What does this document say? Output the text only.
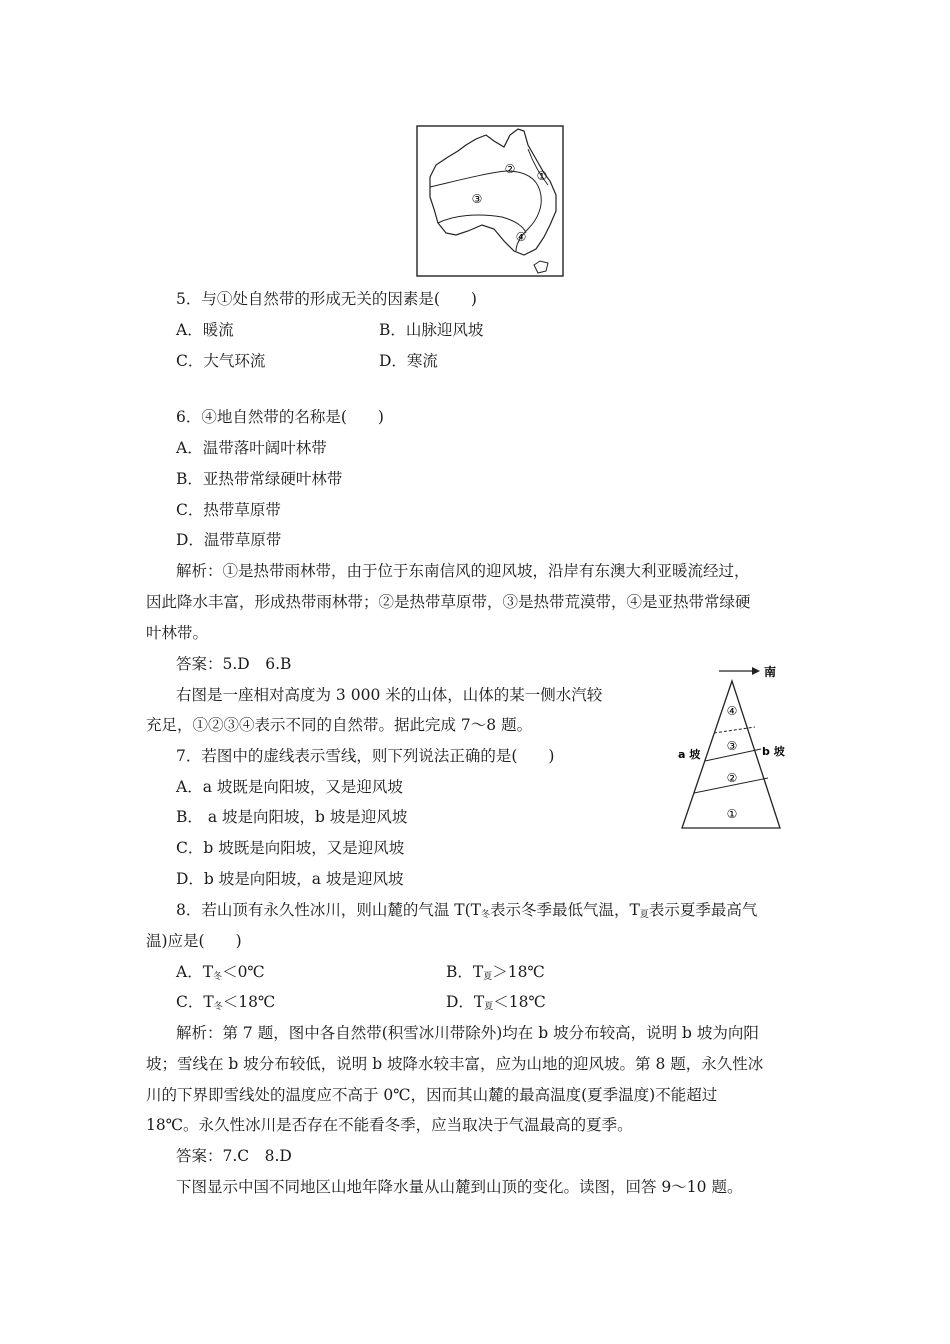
② ①
③
④
5．与①处自然带的形成无关的因素是(　　)
A．暖流	B．山脉迎风坡
C．大气环流	D．寒流
6．④地自然带的名称是(　　)
A．温带落叶阔叶林带
B．亚热带常绿硬叶林带
C．热带草原带
D．温带草原带
解析：①是热带雨林带，由于位于东南信风的迎风坡，沿岸有东澳大利亚暖流经过，
因此降水丰富，形成热带雨林带；②是热带草原带，③是热带荒漠带，④是亚热带常绿硬
叶林带。
答案：5.D　6.B
右图是一座相对高度为 3 000 米的山体，山体的某一侧水汽较
充足，①②③④表示不同的自然带。据此完成 7～8 题。
南
a 坡	b 坡
④
③
②
①
7．若图中的虚线表示雪线，则下列说法正确的是(　　)
A．a 坡既是向阳坡，又是迎风坡
B． a 坡是向阳坡，b 坡是迎风坡
C．b 坡既是向阳坡，又是迎风坡
D．b 坡是向阳坡，a 坡是迎风坡
8．若山顶有永久性冰川，则山麓的气温 $T(T_冬$表示冬季最低气温，$T_夏$表示夏季最高气
温)应是(　　)
A．$T_冬<0℃$	B．$T_夏>18℃$
C．$T_冬<18℃$	D．$T_夏<18℃$
解析：第 7 题，图中各自然带(积雪冰川带除外)均在 b 坡分布较高，说明 b 坡为向阳
坡；雪线在 b 坡分布较低，说明 b 坡降水较丰富，应为山地的迎风坡。第 8 题，永久性冰
川的下界即雪线处的温度应不高于 0℃，因而其山麓的最高温度(夏季温度)不能超过
18℃。永久性冰川是否存在不能看冬季，应当取决于气温最高的夏季。
答案：7.C　8.D
下图显示中国不同地区山地年降水量从山麓到山顶的变化。读图，回答 9～10 题。
